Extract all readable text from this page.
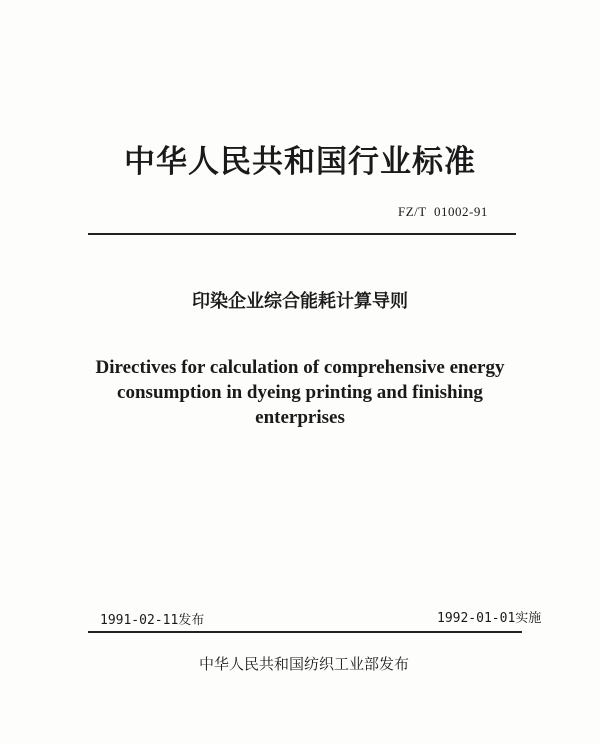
中华人民共和国行业标准
FZ/T  01002-91
印染企业综合能耗计算导则
Directives for calculation of comprehensive energy
consumption in dyeing printing and finishing
enterprises
1991-02-11发布	1992-01-01实施
中华人民共和国纺织工业部发布
